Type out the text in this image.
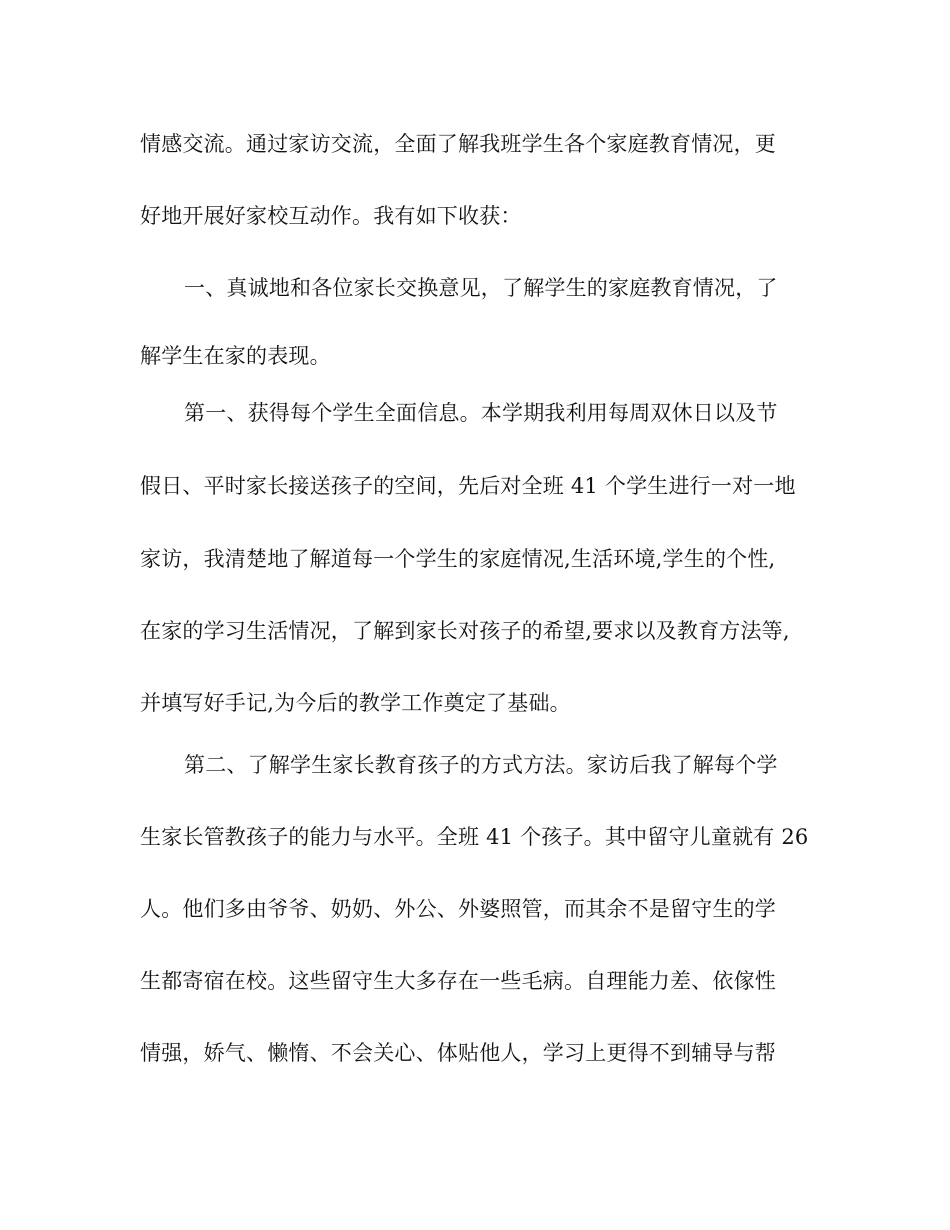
情感交流。通过家访交流，全面了解我班学生各个家庭教育情况，更
好地开展好家校互动作。我有如下收获：
一、真诚地和各位家长交换意见，了解学生的家庭教育情况，了
解学生在家的表现。
第一、获得每个学生全面信息。本学期我利用每周双休日以及节
假日、平时家长接送孩子的空间，先后对全班 41 个学生进行一对一地
家访，我清楚地了解道每一个学生的家庭情况,生活环境,学生的个性,
在家的学习生活情况，了解到家长对孩子的希望,要求以及教育方法等,
并填写好手记,为今后的教学工作奠定了基础。
第二、了解学生家长教育孩子的方式方法。家访后我了解每个学
生家长管教孩子的能力与水平。全班 41 个孩子。其中留守儿童就有 26
人。他们多由爷爷、奶奶、外公、外婆照管，而其余不是留守生的学
生都寄宿在校。这些留守生大多存在一些毛病。自理能力差、依傢性
情强，娇气、懒惰、不会关心、体贴他人，学习上更得不到辅导与帮
